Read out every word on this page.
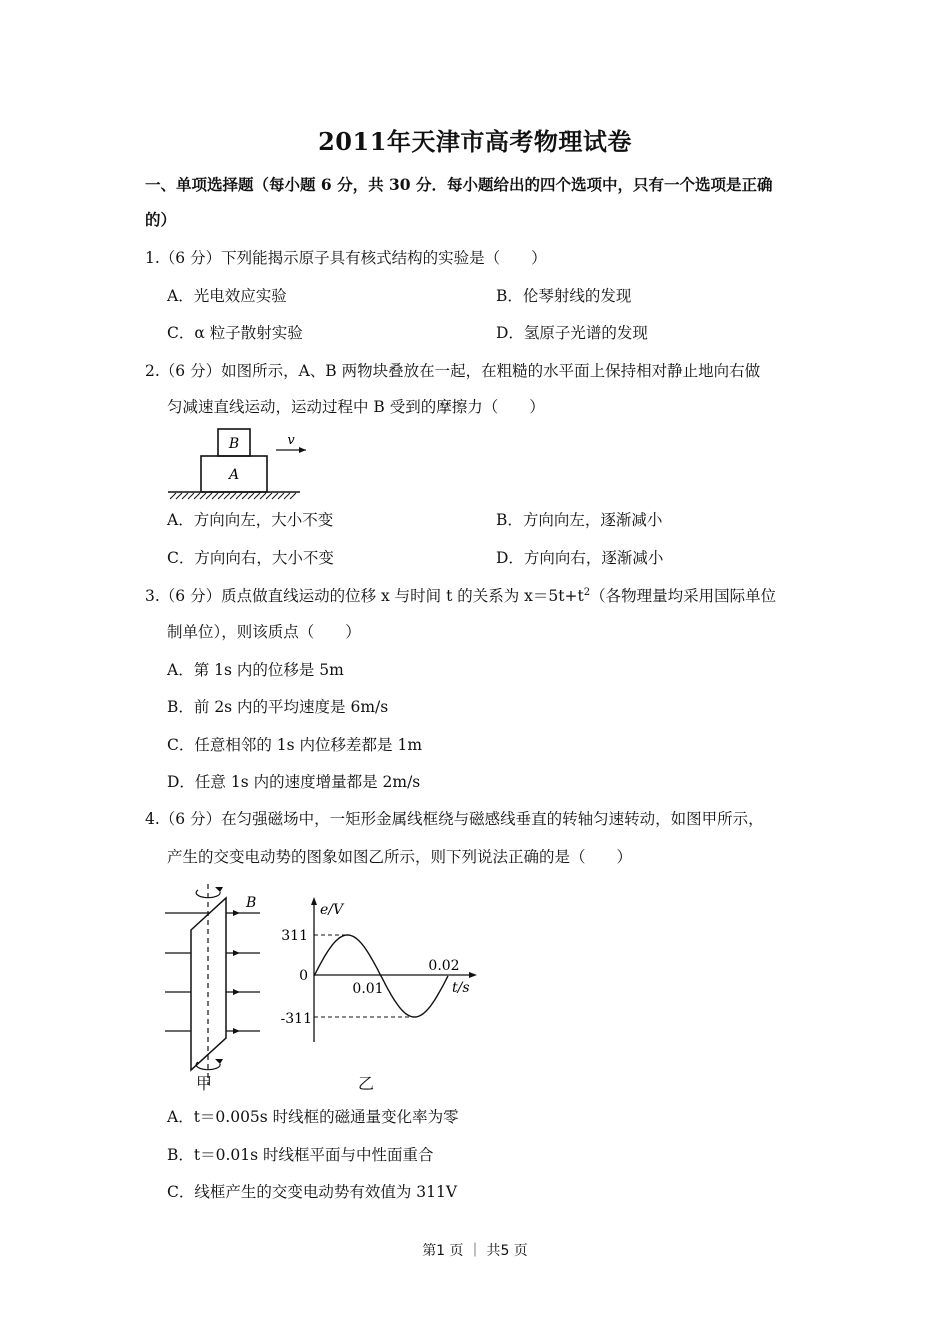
2011年天津市高考物理试卷
一、单项选择题（每小题 6 分，共 30 分．每小题给出的四个选项中，只有一个选项是正确
的）
1.（6 分）下列能揭示原子具有核式结构的实验是（　　）
A．光电效应实验	B．伦琴射线的发现
C．α 粒子散射实验	D．氢原子光谱的发现
2.（6 分）如图所示，A、B 两物块叠放在一起，在粗糙的水平面上保持相对静止地向右做
匀减速直线运动，运动过程中 B 受到的摩擦力（　　）
B
A
v
A．方向向左，大小不变	B．方向向左，逐渐减小
C．方向向右，大小不变	D．方向向右，逐渐减小
3.（6 分）质点做直线运动的位移 x 与时间 t 的关系为 $x=5t+t^2$（各物理量均采用国际单位
制单位），则该质点（　　）
A．第 1s 内的位移是 5m
B．前 2s 内的平均速度是 6m/s
C．任意相邻的 1s 内位移差都是 1m
D．任意 1s 内的速度增量都是 2m/s
4.（6 分）在匀强磁场中，一矩形金属线框绕与磁感线垂直的转轴匀速转动，如图甲所示，
产生的交变电动势的图象如图乙所示，则下列说法正确的是（　　）
B
甲
e/V
t/s
311
0
-311
0.01
0.02
乙
A．t＝0.005s 时线框的磁通量变化率为零
B．t＝0.01s 时线框平面与中性面重合
C．线框产生的交变电动势有效值为 311V
第1 页 ｜ 共5 页
